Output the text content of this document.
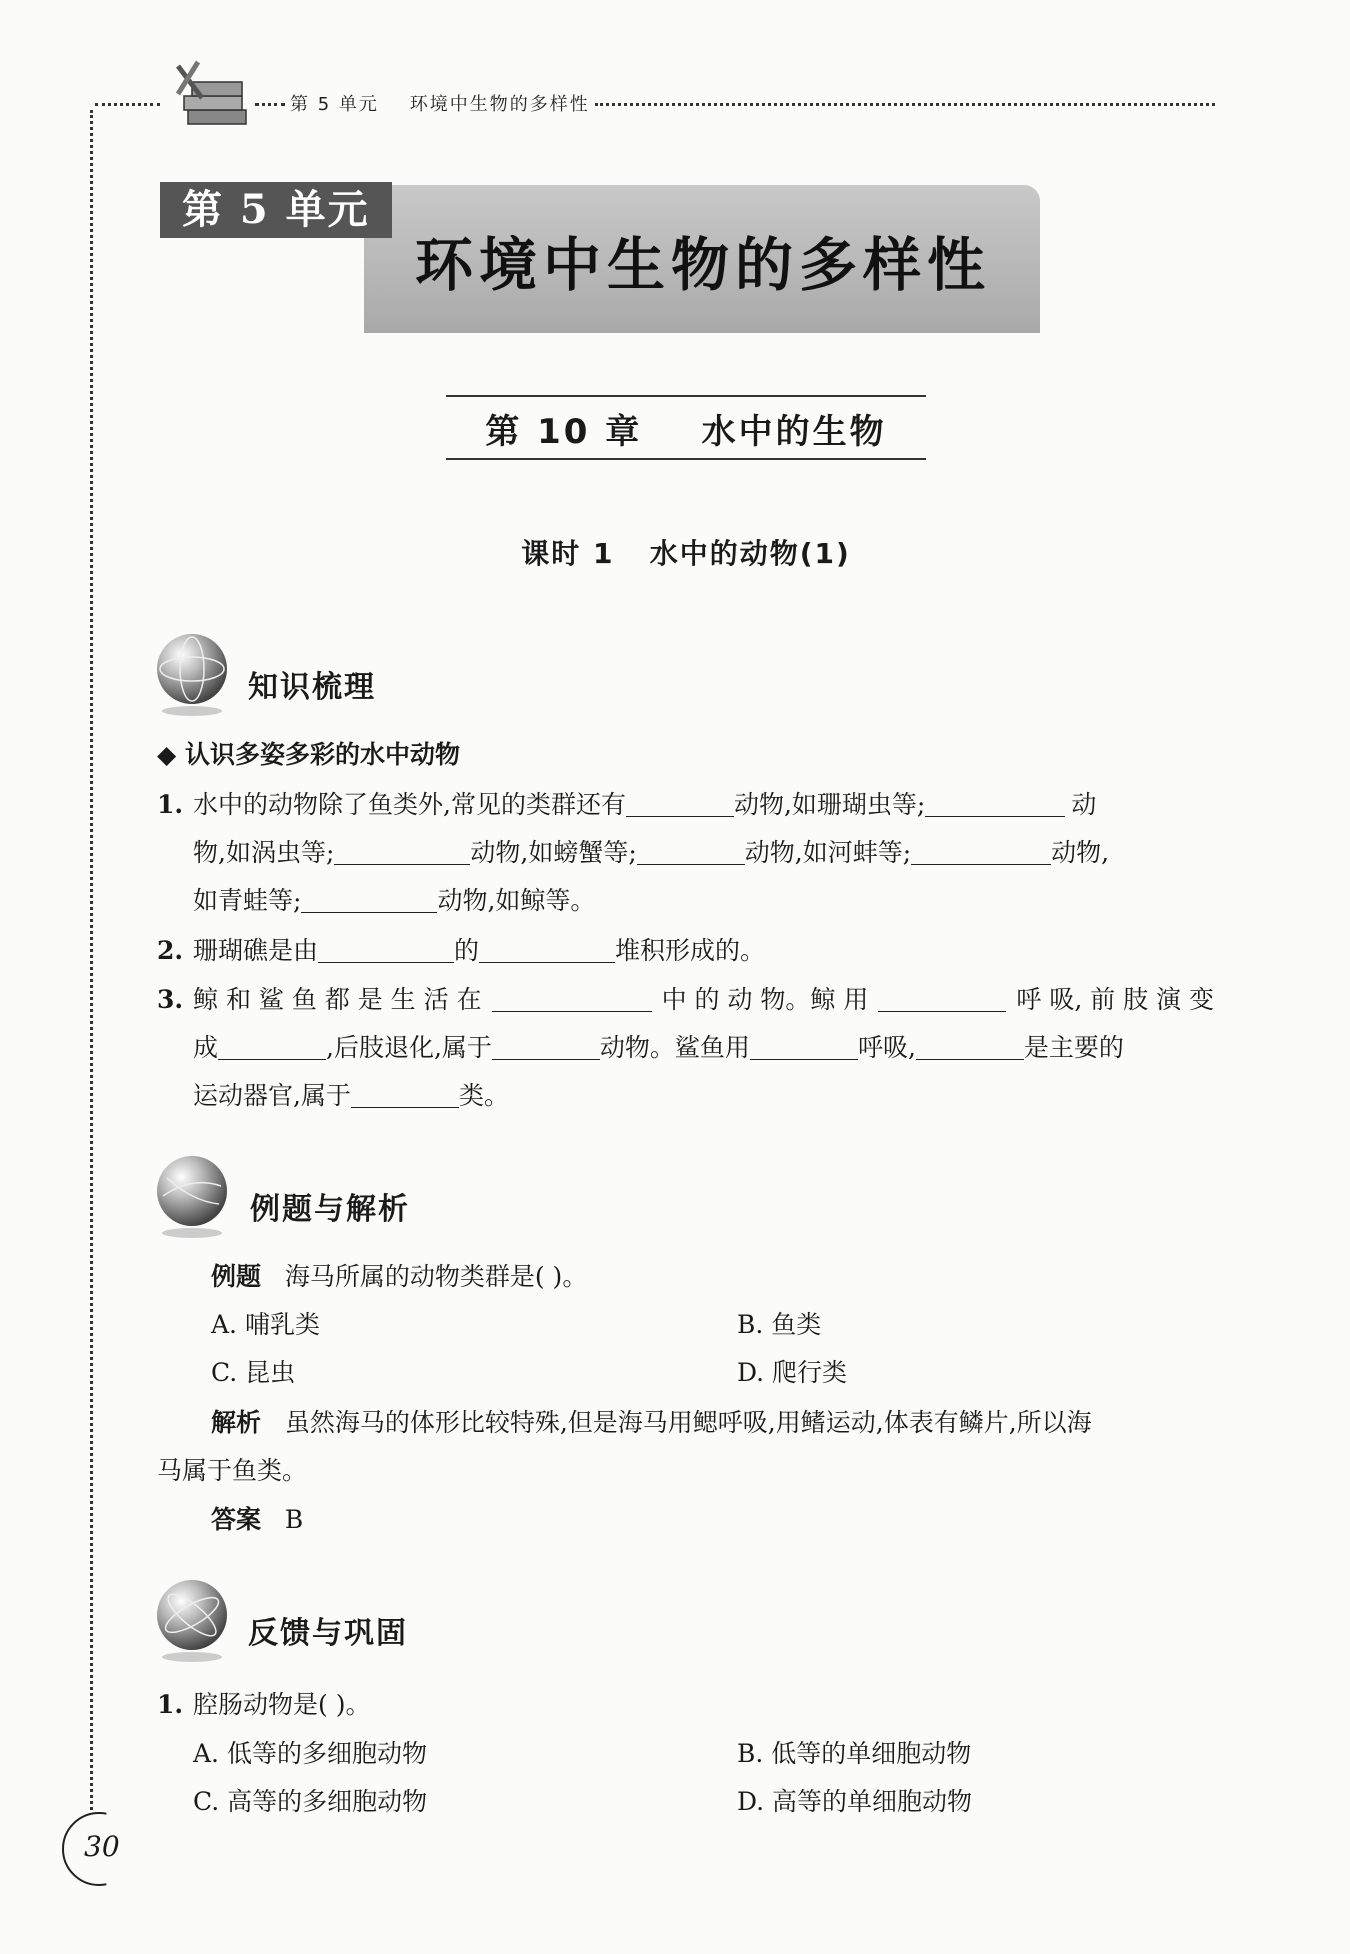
第 5 单元 环境中生物的多样性
第 5 单元
环境中生物的多样性
第 10 章 水中的生物
课时 1 水中的动物(1)
知识梳理
◆ 认识多姿多彩的水中动物
1. 水中的动物除了鱼类外,常见的类群还有	动物,如珊瑚虫等;	动
物,如涡虫等;	动物,如螃蟹等;	动物,如河蚌等;	动物,
如青蛙等;	动物,如鲸等。
2. 珊瑚礁是由	的	堆积形成的。
3. 鲸 和 鲨 鱼 都 是 生 活 在	中 的 动 物。鲸 用	呼 吸, 前 肢 演 变
成	,后肢退化,属于	动物。鲨鱼用	呼吸,	是主要的
运动器官,属于	类。
例题与解析
例题 海马所属的动物类群是( )。
A. 哺乳类	B. 鱼类
C. 昆虫	D. 爬行类
解析 虽然海马的体形比较特殊,但是海马用鳃呼吸,用鳍运动,体表有鳞片,所以海
马属于鱼类。
答案 B
反馈与巩固
1. 腔肠动物是( )。
A. 低等的多细胞动物	B. 低等的单细胞动物
C. 高等的多细胞动物	D. 高等的单细胞动物
30
